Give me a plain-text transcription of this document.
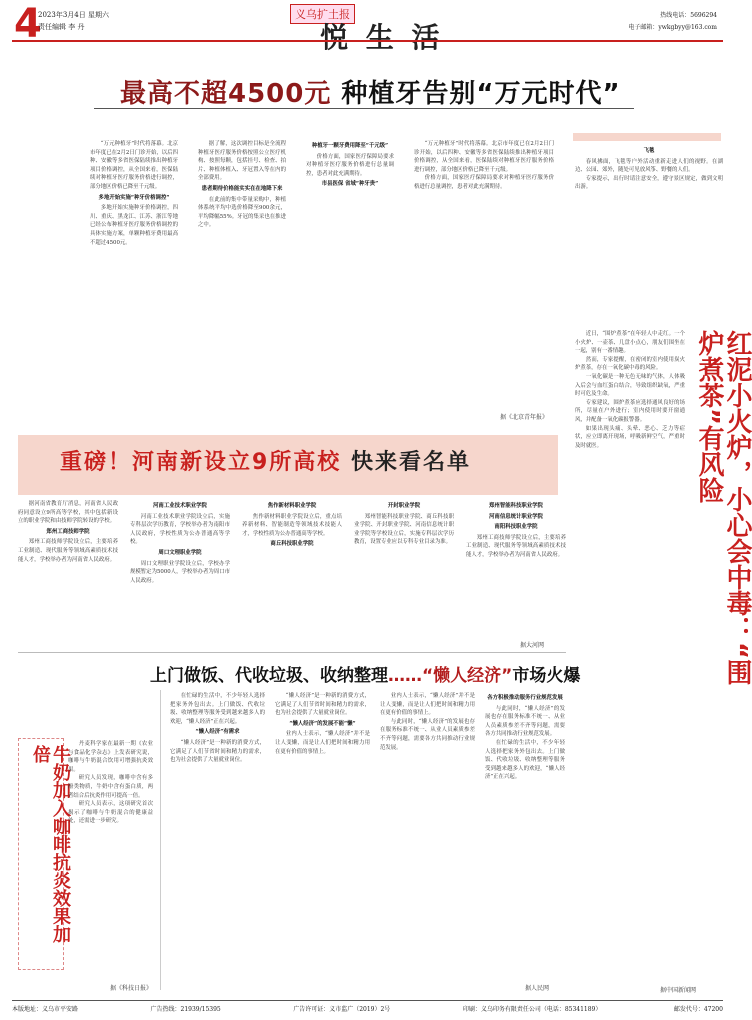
4
2023年3月4日 星期六
责任编辑 李 丹
义乌扩土报
悦 生 活
热线电话：5696294
电子邮箱：ywkgbyy@163.com
最高不超4500元 种植牙告别“万元时代”

“万元种植牙”时代将落幕。北京市年度已在2月2日门诊开始，以后四种、安徽等多省医保陆续推出种植牙项目价格调控，从全国来看，医保陆续对种植牙医疗服务价格进行调控，部分地区价格已降至千元级。

多地开始实施“种牙价格调控”

多地开始实施种牙价格调控，四川、重庆、黑龙江、江苏、浙江等地已经公布种植牙医疗服务价格调控的具体实施方案，单颗种植牙费用最高不超过4500元。

据了解，这次调控目标是全流程种植牙医疗服务价格按照公立医疗机构、按照每颗，包括挂号、检查、拍片、种植体植入、牙冠置入等在内的全部费用。

患者期待价格能实实在在地降下来

在此前的集中带量采购中，种植体系统平均中选价格降至900余元，平均降幅55%。牙冠的集采也在推进之中。

种植牙一颗牙费用降至“千元级”

价格方面，国家医疗保障局要求对种植牙医疗服务价格进行总量调控，患者对此充满期待。

市县医保 省域“种牙贵”

“万元种植牙”时代将落幕。北京市年度已在2月2日门诊开始，以后四种、安徽等多省医保陆续推出种植牙项目价格调控，从全国来看，医保陆续对种植牙医疗服务价格进行调控，部分地区价格已降至千元级。

价格方面，国家医疗保障局要求对种植牙医疗服务价格进行总量调控，患者对此充满期待。

据《北京青年报》

飞毯

春风拂面，飞毯等户外活动重新走进人们的视野。在湖边、公园、郊外，随处可见放风筝、野餐的人们。

专家提示，出行时请注意安全，遵守景区规定，做到文明出游。

红泥小火炉，小心会中毒：“围炉煮茶”有风险

近日，“围炉煮茶”在年轻人中走红。一个小火炉、一壶茶、几盘小点心，朋友们围坐在一起，别有一番情趣。

然而，专家提醒，在密闭的室内使用炭火炉煮茶，存在一氧化碳中毒的风险。

一氧化碳是一种无色无味的气体，人体吸入后会与血红蛋白结合，导致组织缺氧，严重时可危及生命。

专家建议，围炉煮茶应选择通风良好的场所，尽量在户外进行；室内使用时要开窗通风，并配备一氧化碳报警器。

如果出现头痛、头晕、恶心、乏力等症状，应立即离开现场，呼吸新鲜空气，严重时及时就医。

据中国新闻网
重磅！河南新设立9所高校 快来看名单

据河南省教育厅消息，河南省人民政府同意设立9所高等学校，其中包括新设立的职业学院和由技师学院转设的学校。

郑州工商技师学院

郑州工商技师学院设立后，主要培养工业制造、现代服务等领域高素质技术技能人才，学校举办者为河南省人民政府。

河南工业技术职业学院

河南工业技术职业学院设立后，实施专科层次学历教育，学校举办者为南阳市人民政府，学校性质为公办普通高等学校。

周口文理职业学院

周口文理职业学院设立后，学校办学规模暂定为5000人，学校举办者为周口市人民政府。

焦作新材料职业学院

焦作新材料职业学院设立后，重点培养新材料、智能制造等领域技术技能人才，学校性质为公办普通高等学校。

商丘科技职业学院

开封职业学院

郑州智能科技职业学院、商丘科技职业学院、开封职业学院、河南信息统计职业学院等学校设立后，实施专科层次学历教育，设置专业应以专科专业目录为准。

郑州智能科技职业学院

河南信息统计职业学院

南阳科技职业学院

郑州工商技师学院设立后，主要培养工业制造、现代服务等领域高素质技术技能人才，学校举办者为河南省人民政府。

据大河网
上门做饭、代收垃圾、收纳整理……“懒人经济”市场火爆
牛奶加入咖啡抗炎效果加倍

丹麦科学家在最新一期《农业与食品化学杂志》上发表研究说，咖啡与牛奶混合饮用可增强抗炎效果。

研究人员发现，咖啡中含有多酚类物质，牛奶中含有蛋白质，两者结合后抗炎作用可提高一倍。

研究人员表示，这项研究首次揭示了咖啡与牛奶混合的健康益处，还需进一步研究。

据《科技日报》

在忙碌的生活中，不少年轻人选择把家务外包出去。上门做饭、代收垃圾、收纳整理等服务受到越来越多人的欢迎，“懒人经济”正在兴起。

“懒人经济”有需求

“懒人经济”是一种新的消费方式，它满足了人们节省时间和精力的需求，也为社会提供了大量就业岗位。

“懒人经济”是一种新的消费方式，它满足了人们节省时间和精力的需求，也为社会提供了大量就业岗位。

“懒人经济”的发展不能“懒”

业内人士表示，“懒人经济”并不是让人变懒，而是让人们把时间和精力用在更有价值的事情上。

业内人士表示，“懒人经济”并不是让人变懒，而是让人们把时间和精力用在更有价值的事情上。

与此同时，“懒人经济”的发展也存在服务标准不统一、从业人员素质参差不齐等问题，需要各方共同推动行业规范发展。

各方积极推动服务行业规范发展

与此同时，“懒人经济”的发展也存在服务标准不统一、从业人员素质参差不齐等问题，需要各方共同推动行业规范发展。

在忙碌的生活中，不少年轻人选择把家务外包出去。上门做饭、代收垃圾、收纳整理等服务受到越来越多人的欢迎，“懒人经济”正在兴起。

据人民网
本版地址：义乌市平安路	广告热线：21939/15395	广告许可证：义市监广（2019）2号	印刷：义乌印务有限责任公司（电话：85341189）	邮发代号：47200
